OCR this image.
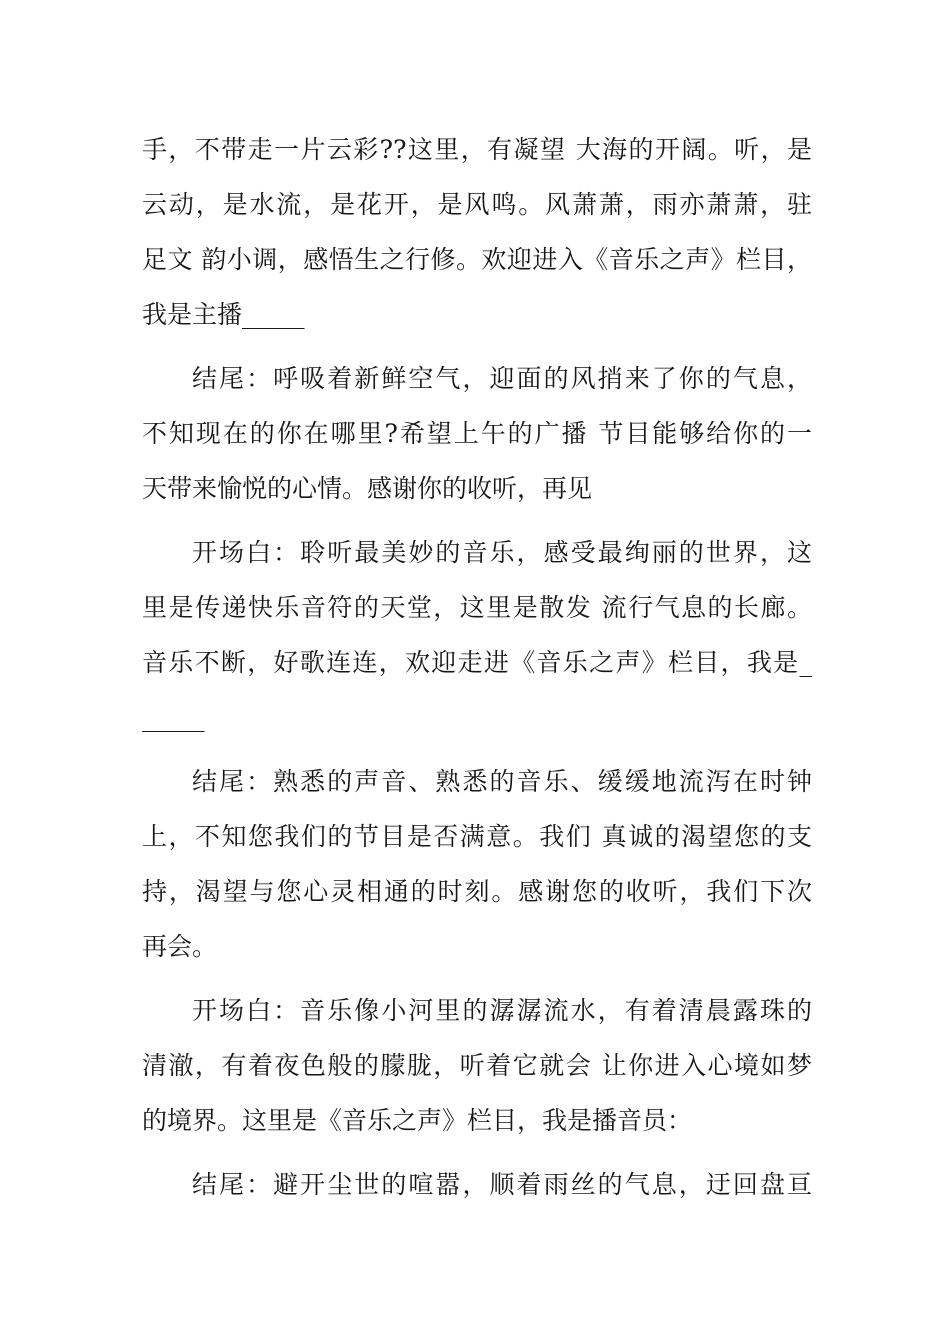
手，不带走一片云彩??这里，有凝望 大海的开阔。听，是
云动，是水流，是花开，是风鸣。风萧萧，雨亦萧萧，驻
足文 韵小调，感悟生之行修。欢迎进入《音乐之声》栏目，
我是主播_____
结尾：呼吸着新鲜空气，迎面的风捎来了你的气息，
不知现在的你在哪里?希望上午的广播 节目能够给你的一
天带来愉悦的心情。感谢你的收听，再见
开场白：聆听最美妙的音乐，感受最绚丽的世界，这
里是传递快乐音符的天堂，这里是散发 流行气息的长廊。
音乐不断，好歌连连，欢迎走进《音乐之声》栏目，我是_
_____
结尾：熟悉的声音、熟悉的音乐、缓缓地流泻在时钟
上，不知您我们的节目是否满意。我们 真诚的渴望您的支
持，渴望与您心灵相通的时刻。感谢您的收听，我们下次
再会。
开场白：音乐像小河里的潺潺流水，有着清晨露珠的
清澈，有着夜色般的朦胧，听着它就会 让你进入心境如梦
的境界。这里是《音乐之声》栏目，我是播音员：
结尾：避开尘世的喧嚣，顺着雨丝的气息，迂回盘亘
